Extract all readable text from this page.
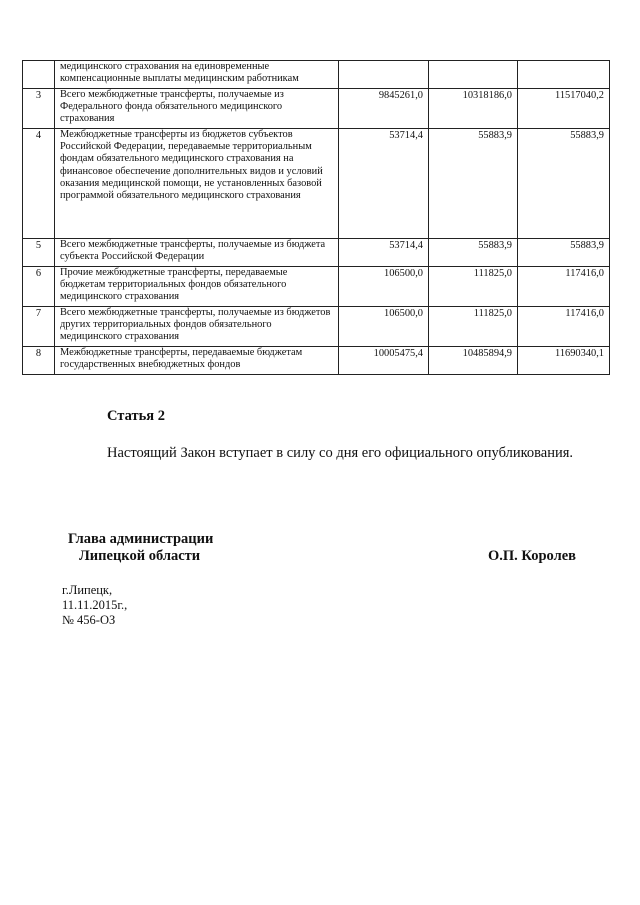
	медицинского страхования на единовременные компенсационные выплаты медицинским работникам			
3	Всего межбюджетные трансферты, получаемые из Федерального фонда обязательного медицинского страхования	9845261,0	10318186,0	11517040,2
4	Межбюджетные трансферты из бюджетов субъектов Российской Федерации, передаваемые территориальным фондам обязательного медицинского страхования на финансовое обеспечение дополнительных видов и условий оказания медицинской помощи, не установленных базовой программой обязательного медицинского страхования	53714,4	55883,9	55883,9
5	Всего межбюджетные трансферты, получаемые из бюджета субъекта Российской Федерации	53714,4	55883,9	55883,9
6	Прочие межбюджетные трансферты, передаваемые бюджетам территориальных фондов обязательного медицинского страхования	106500,0	111825,0	117416,0
7	Всего межбюджетные трансферты, получаемые из бюджетов других территориальных фондов обязательного медицинского страхования	106500,0	111825,0	117416,0
8	Межбюджетные трансферты, передаваемые бюджетам государственных внебюджетных фондов	10005475,4	10485894,9	11690340,1
Статья 2
Настоящий Закон вступает в силу со дня его официального опубликования.
Глава администрации
Липецкой области	О.П. Королев
г.Липецк,
11.11.2015г.,
№ 456-ОЗ
